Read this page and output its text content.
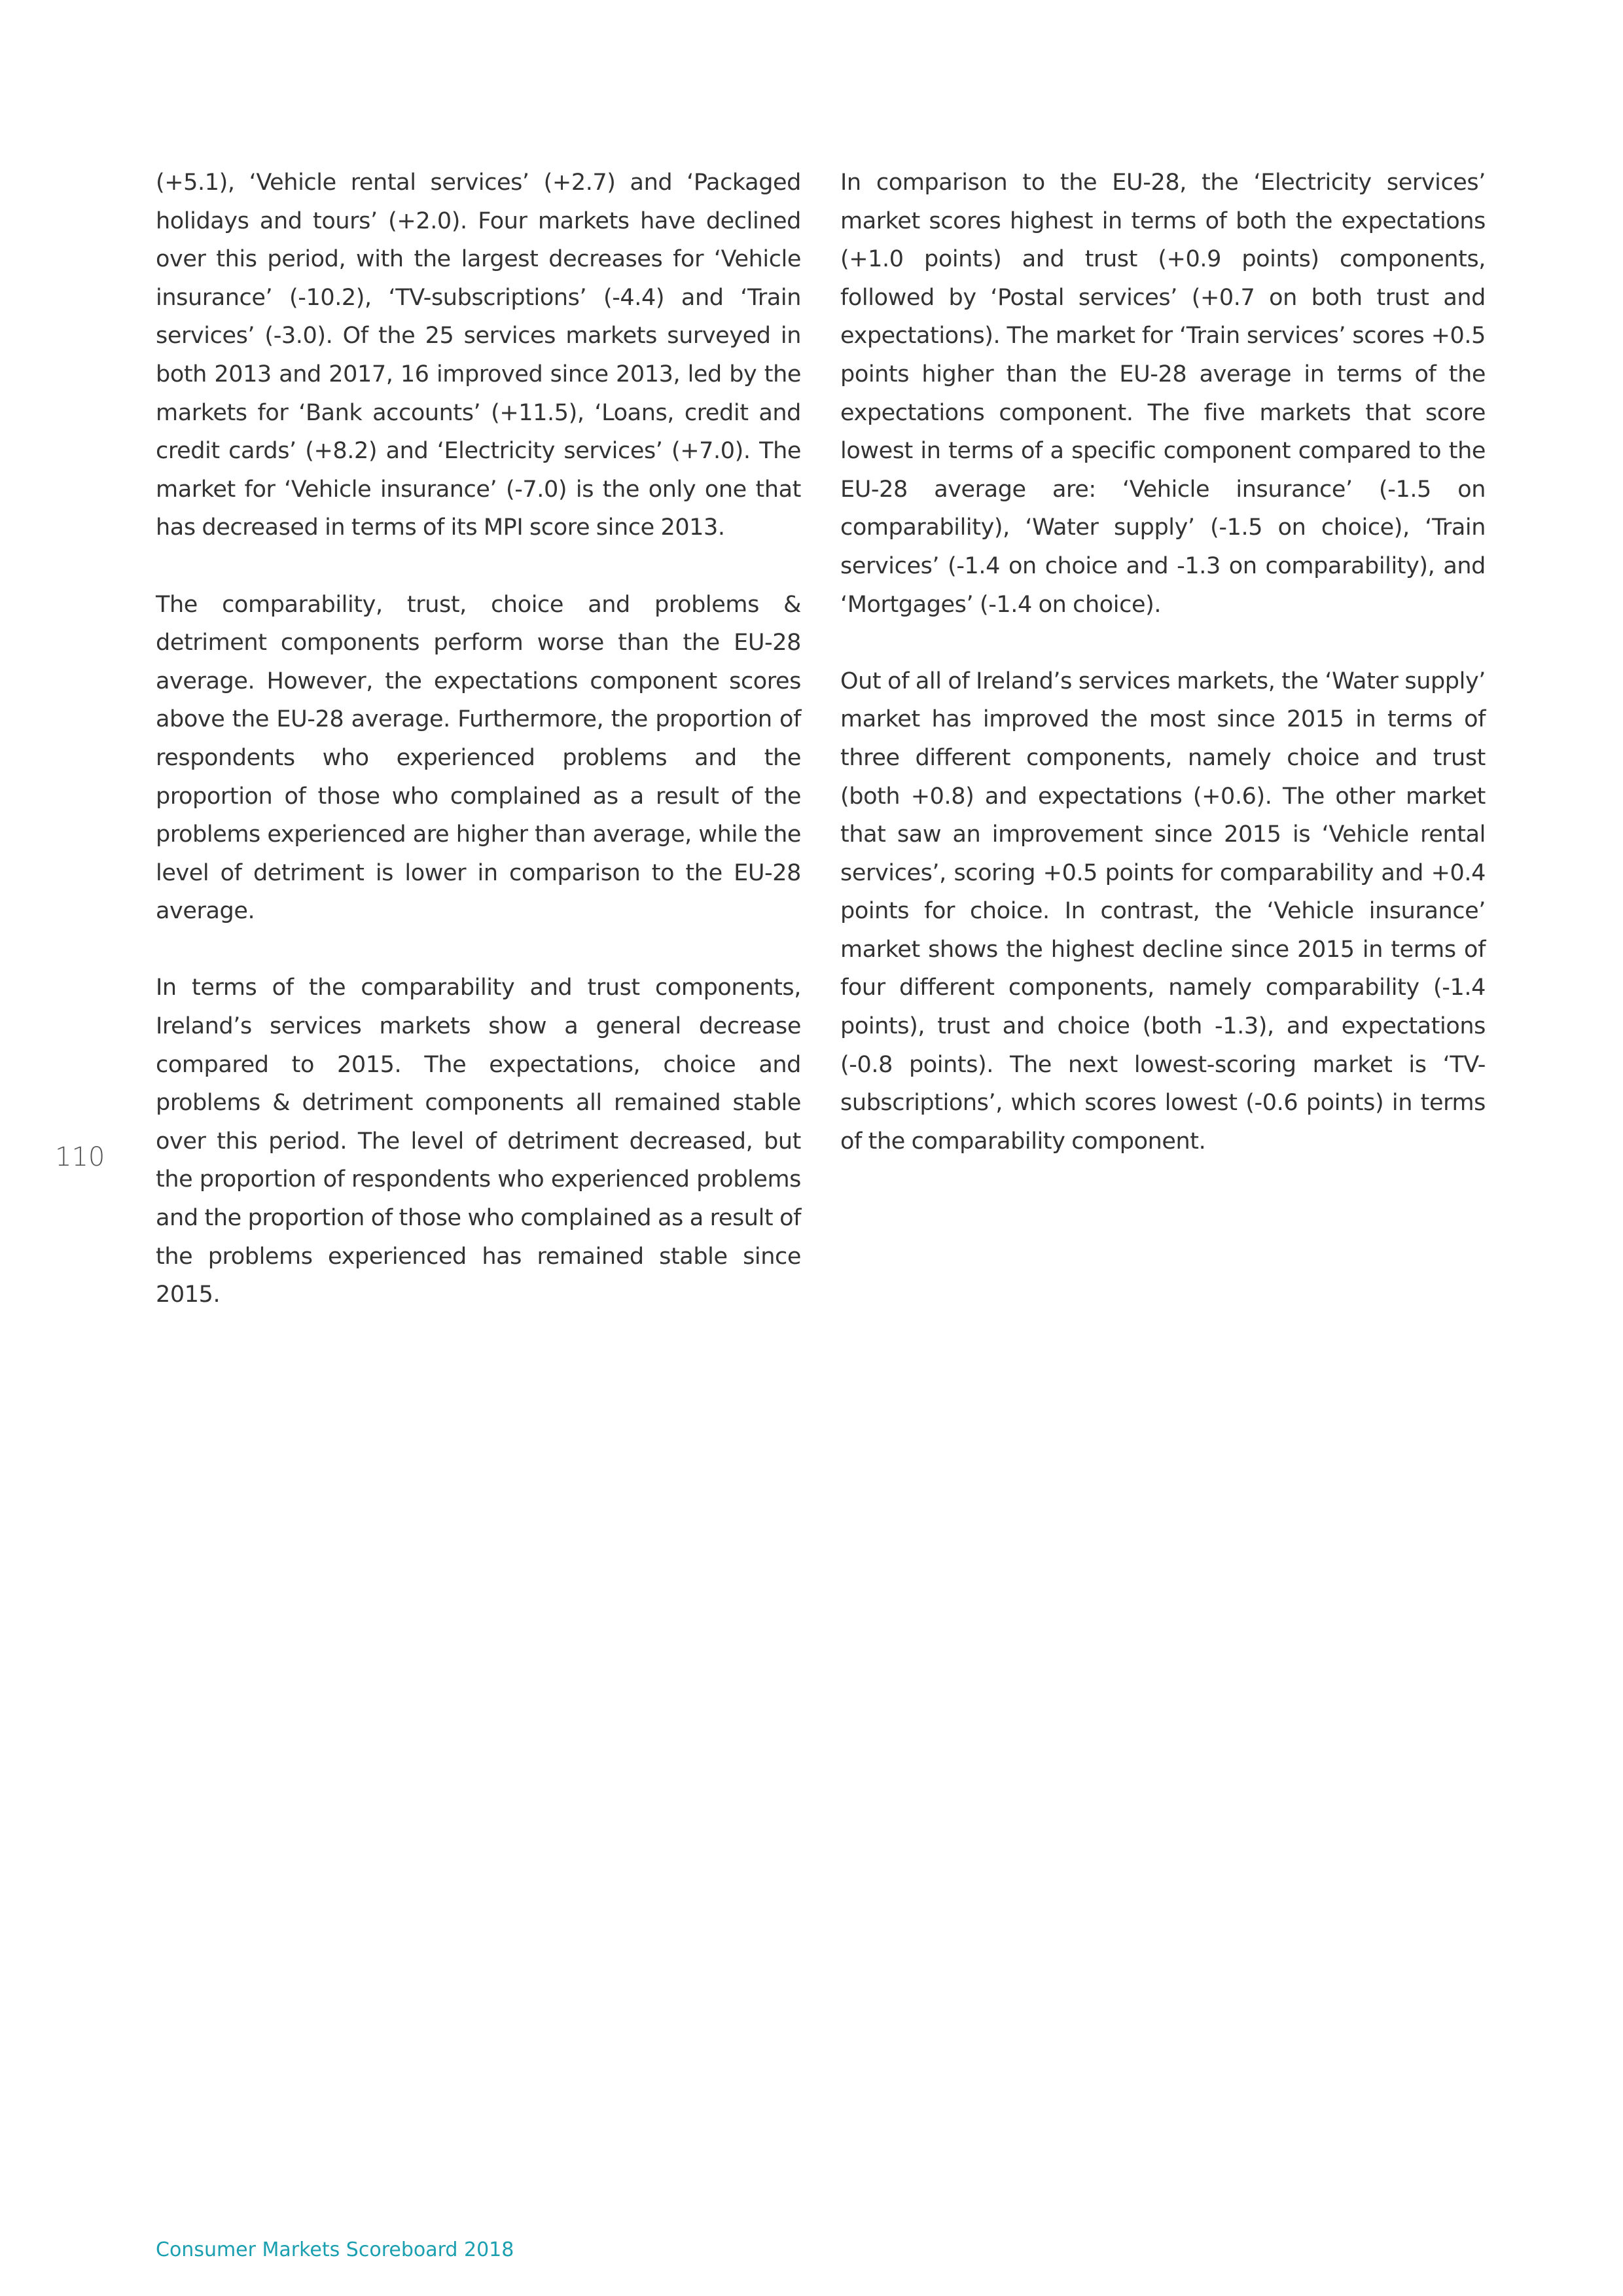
(+5.1), ‘Vehicle rental services’ (+2.7) and ‘Packaged holidays and tours’ (+2.0). Four markets have declined over this period, with the largest decreases for ‘Vehicle insurance’ (-10.2), ‘TV-subscriptions’ (-4.4) and ‘Train services’ (-3.0). Of the 25 services markets surveyed in both 2013 and 2017, 16 improved since 2013, led by the markets for ‘Bank accounts’ (+11.5), ‘Loans, credit and credit cards’ (+8.2) and ‘Electricity services’ (+7.0). The market for ‘Vehicle insurance’ (-7.0) is the only one that has decreased in terms of its MPI score since 2013.

The comparability, trust, choice and problems & detriment components perform worse than the EU-28 average. However, the expectations component scores above the EU-28 average. Furthermore, the proportion of respondents who experienced problems and the proportion of those who complained as a result of the problems experienced are higher than average, while the level of detriment is lower in comparison to the EU-28 average.

In terms of the comparability and trust components, Ireland’s services markets show a general decrease compared to 2015. The expectations, choice and problems & detriment components all remained stable over this period. The level of detriment decreased, but the proportion of respondents who experienced problems and the proportion of those who complained as a result of the problems experienced has remained stable since 2015.

In comparison to the EU-28, the ‘Electricity services’ market scores highest in terms of both the expectations (+1.0 points) and trust (+0.9 points) components, followed by ‘Postal services’ (+0.7 on both trust and expectations). The market for ‘Train services’ scores +0.5 points higher than the EU-28 average in terms of the expectations component. The five markets that score lowest in terms of a specific component compared to the EU-28 average are: ‘Vehicle insurance’ (-1.5 on comparability), ‘Water supply’ (-1.5 on choice), ‘Train services’ (-1.4 on choice and -1.3 on comparability), and ‘Mortgages’ (-1.4 on choice).

Out of all of Ireland’s services markets, the ‘Water supply’ market has improved the most since 2015 in terms of three different components, namely choice and trust (both +0.8) and expectations (+0.6). The other market that saw an improvement since 2015 is ‘Vehicle rental services’, scoring +0.5 points for comparability and +0.4 points for choice. In contrast, the ‘Vehicle insurance’ market shows the highest decline since 2015 in terms of four different components, namely comparability (-1.4 points), trust and choice (both -1.3), and expectations (-0.8 points). The next lowest-scoring market is ‘TV-subscriptions’, which scores lowest (-0.6 points) in terms of the comparability component.

110
Consumer Markets Scoreboard 2018
